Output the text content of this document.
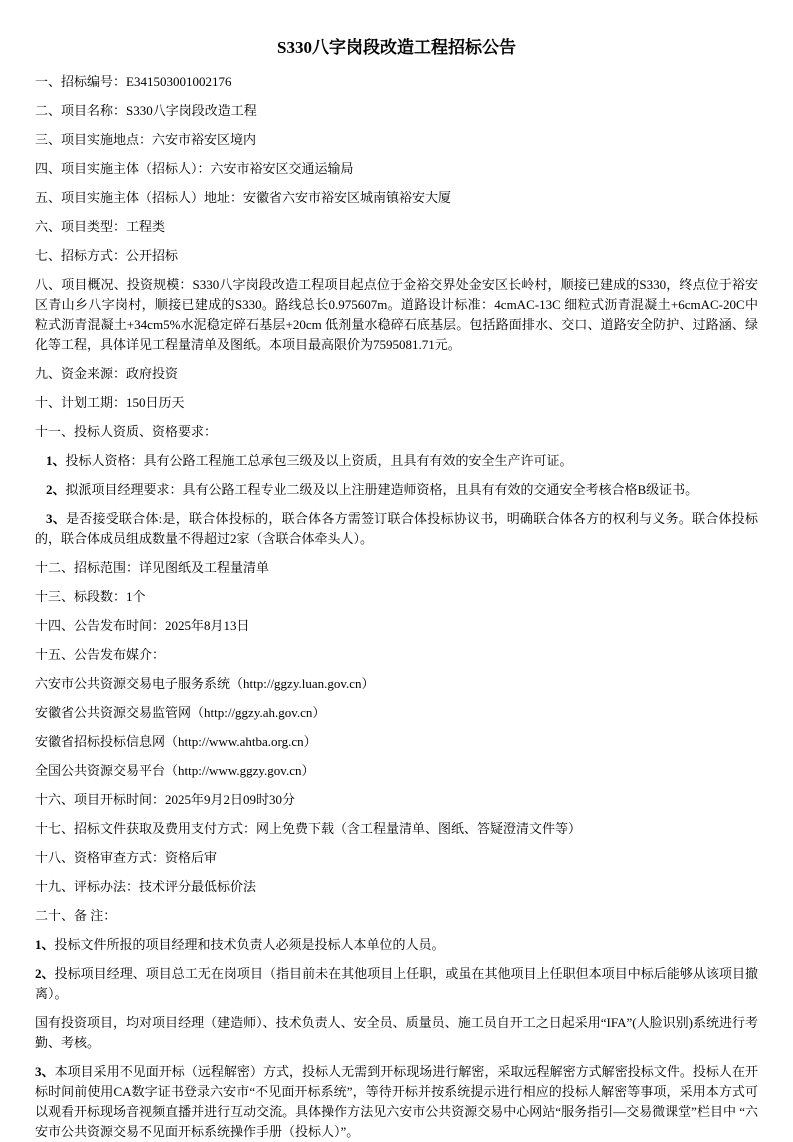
S330八字岗段改造工程招标公告

一、招标编号：E341503001002176

二、项目名称：S330八字岗段改造工程

三、项目实施地点：六安市裕安区境内

四、项目实施主体（招标人）：六安市裕安区交通运输局

五、项目实施主体（招标人）地址：安徽省六安市裕安区城南镇裕安大厦

六、项目类型：工程类

七、招标方式：公开招标

八、项目概况、投资规模：S330八字岗段改造工程项目起点位于金裕交界处金安区长岭村，顺接已建成的S330，终点位于裕安区青山乡八字岗村，顺接已建成的S330。路线总长0.975607m。道路设计标准：4cmAC-13C 细粒式沥青混凝土+6cmAC-20C中粒式沥青混凝土+34cm5%水泥稳定碎石基层+20cm 低剂量水稳碎石底基层。包括路面排水、交口、道路安全防护、过路涵、绿化等工程，具体详见工程量清单及图纸。本项目最高限价为7595081.71元。

九、资金来源：政府投资

十、计划工期：150日历天

十一、投标人资质、资格要求：

1、投标人资格：具有公路工程施工总承包三级及以上资质，且具有有效的安全生产许可证。

2、拟派项目经理要求：具有公路工程专业二级及以上注册建造师资格，且具有有效的交通安全考核合格B级证书。

3、是否接受联合体:是，联合体投标的，联合体各方需签订联合体投标协议书，明确联合体各方的权利与义务。联合体投标的，联合体成员组成数量不得超过2家（含联合体牵头人）。

十二、招标范围：详见图纸及工程量清单

十三、标段数：1个

十四、公告发布时间：2025年8月13日

十五、公告发布媒介：

六安市公共资源交易电子服务系统（http://ggzy.luan.gov.cn）

安徽省公共资源交易监管网（http://ggzy.ah.gov.cn）

安徽省招标投标信息网（http://www.ahtba.org.cn）

全国公共资源交易平台（http://www.ggzy.gov.cn）

十六、项目开标时间：2025年9月2日09时30分

十七、招标文件获取及费用支付方式：网上免费下载（含工程量清单、图纸、答疑澄清文件等）

十八、资格审查方式：资格后审

十九、评标办法：技术评分最低标价法

二十、备 注：

1、投标文件所报的项目经理和技术负责人必须是投标人本单位的人员。

2、投标项目经理、项目总工无在岗项目（指目前未在其他项目上任职，或虽在其他项目上任职但本项目中标后能够从该项目撤离）。

国有投资项目，均对项目经理（建造师）、技术负责人、安全员、质量员、施工员自开工之日起采用“IFA”(人脸识别)系统进行考勤、考核。

3、本项目采用不见面开标（远程解密）方式，投标人无需到开标现场进行解密，采取远程解密方式解密投标文件。投标人在开标时间前使用CA数字证书登录六安市“不见面开标系统”，等待开标并按系统提示进行相应的投标人解密等事项，采用本方式可以观看开标现场音视频直播并进行互动交流。具体操作方法见六安市公共资源交易中心网站“服务指引—交易微课堂”栏目中 “六安市公共资源交易不见面开标系统操作手册（投标人）”。
